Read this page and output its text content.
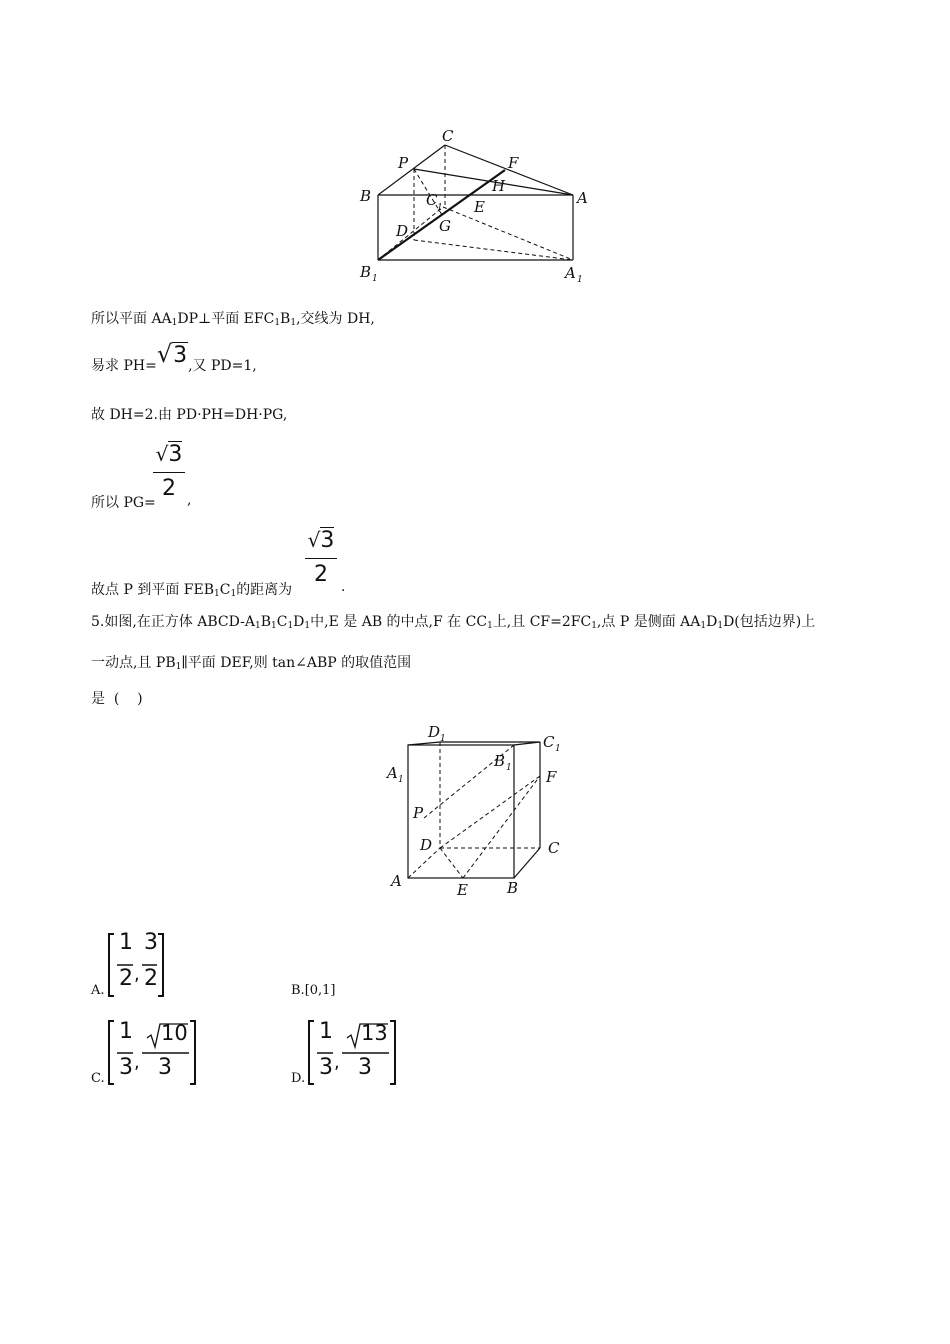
C
P	F
H
B	A
C 1 E
G
D
B 1	A 1
所以平面 $AA_1DP\perp$平面 $EFC_1B_1$,交线为 DH,
易求 PH=√3,又 PD=1,
故 DH=2.由 PD·PH=DH·PG,
所以 PG=
√3
2 ,
故点 P 到平面 $FEB_1C_1$的距离为
√3
2 .
5.如图,在正方体 ABCD-$A_1B_1C_1D_1$中,E 是 AB 的中点,F 在 $CC_1$上,且 $CF=2FC_1$,点 P 是侧面 $AA_1D_1D$(包括边界)上
一动点,且 $PB_1\parallel$平面 DEF,则 tan∠ABP 的取值范围
是  (    )
D 1	C 1
A 1
B 1 F
P
D	C
A	E	B
A.
1
2 ,
3
2	B.[0,1]
C.
1
3 ,
10
3	D.
1
3 ,
13
3
